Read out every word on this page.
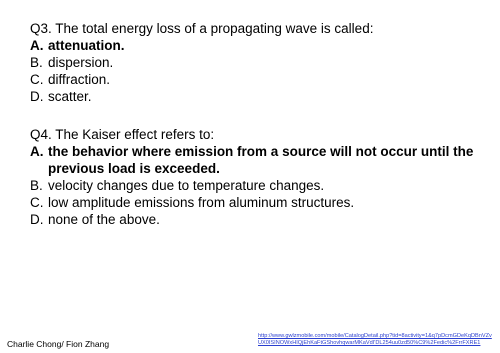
Q3. The total energy loss of a propagating wave is called:
A. attenuation.
B. dispersion.
C. diffraction.
D. scatter.
Q4. The Kaiser effect refers to:
A. the behavior where emission from a source will not occur until the previous load is exceeded.
B. velocity changes due to temperature changes.
C. low amplitude emissions from aluminum structures.
D. none of the above.
Charlie Chong/ Fion Zhang
http://www.gwlzmobile.com/mobile/CatalogDetail.php?tid=8activity=1&q7pDcmGDeKqDBnVZvUX0ISINOWxHIQjEhKaFtGShovhqwarMKaVdI'DL254uu0zd50%C9%2Fedic%2FrrFXRE1
